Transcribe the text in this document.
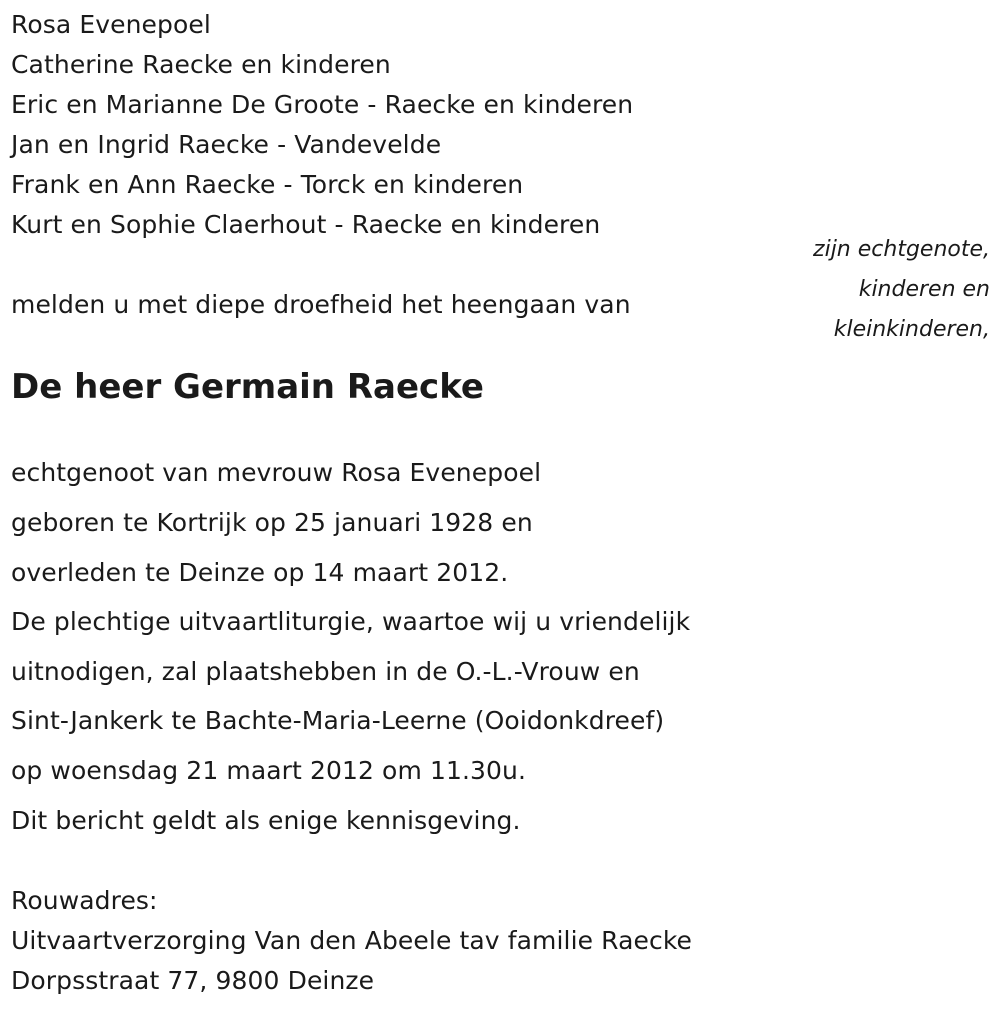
Rosa Evenepoel
Catherine Raecke en kinderen
Eric en Marianne De Groote - Raecke en kinderen
Jan en Ingrid Raecke - Vandevelde
Frank en Ann Raecke - Torck en kinderen
Kurt en Sophie Claerhout - Raecke en kinderen
zijn echtgenote,
kinderen en
kleinkinderen,
melden u met diepe droefheid het heengaan van
De heer Germain Raecke
echtgenoot van mevrouw Rosa Evenepoel
geboren te Kortrijk op 25 januari 1928 en
overleden te Deinze op 14 maart 2012.
De plechtige uitvaartliturgie, waartoe wij u vriendelijk
uitnodigen, zal plaatshebben in de O.-L.-Vrouw en
Sint-Jankerk te Bachte-Maria-Leerne (Ooidonkdreef)
op woensdag 21 maart 2012 om 11.30u.
Dit bericht geldt als enige kennisgeving.
Rouwadres:
Uitvaartverzorging Van den Abeele tav familie Raecke
Dorpsstraat 77, 9800 Deinze
